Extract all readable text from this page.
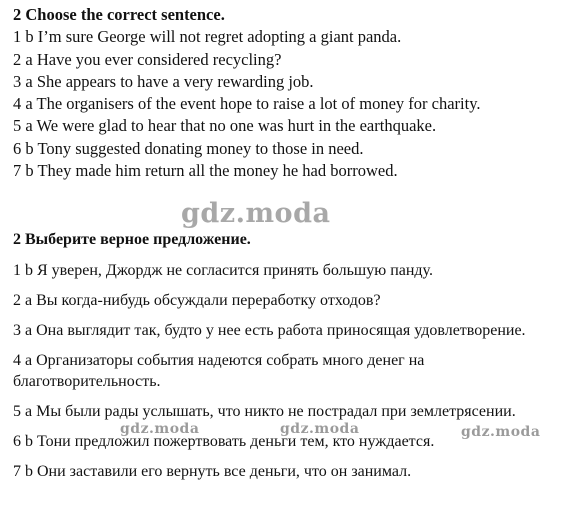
2 Choose the correct sentence.
1 b I’m sure George will not regret adopting a giant panda.
2 a Have you ever considered recycling?
3 a She appears to have a very rewarding job.
4 a The organisers of the event hope to raise a lot of money for charity.
5 a We were glad to hear that no one was hurt in the earthquake.
6 b Tony suggested donating money to those in need.
7 b They made him return all the money he had borrowed.
gdz.moda
2 Выберите верное предложение.
1 b Я уверен, Джордж не согласится принять большую панду.
2 a Вы когда-нибудь обсуждали переработку отходов?
3 a Она выглядит так, будто у нее есть работа приносящая удовлетворение.
4 a Организаторы события надеются собрать много денег на благотворительность.
5 a Мы были рады услышать, что никто не пострадал при землетрясении.
6 b Тони предложил пожертвовать деньги тем, кто нуждается.
7 b Они заставили его вернуть все деньги, что он занимал.
gdz.moda	gdz.moda	gdz.moda
